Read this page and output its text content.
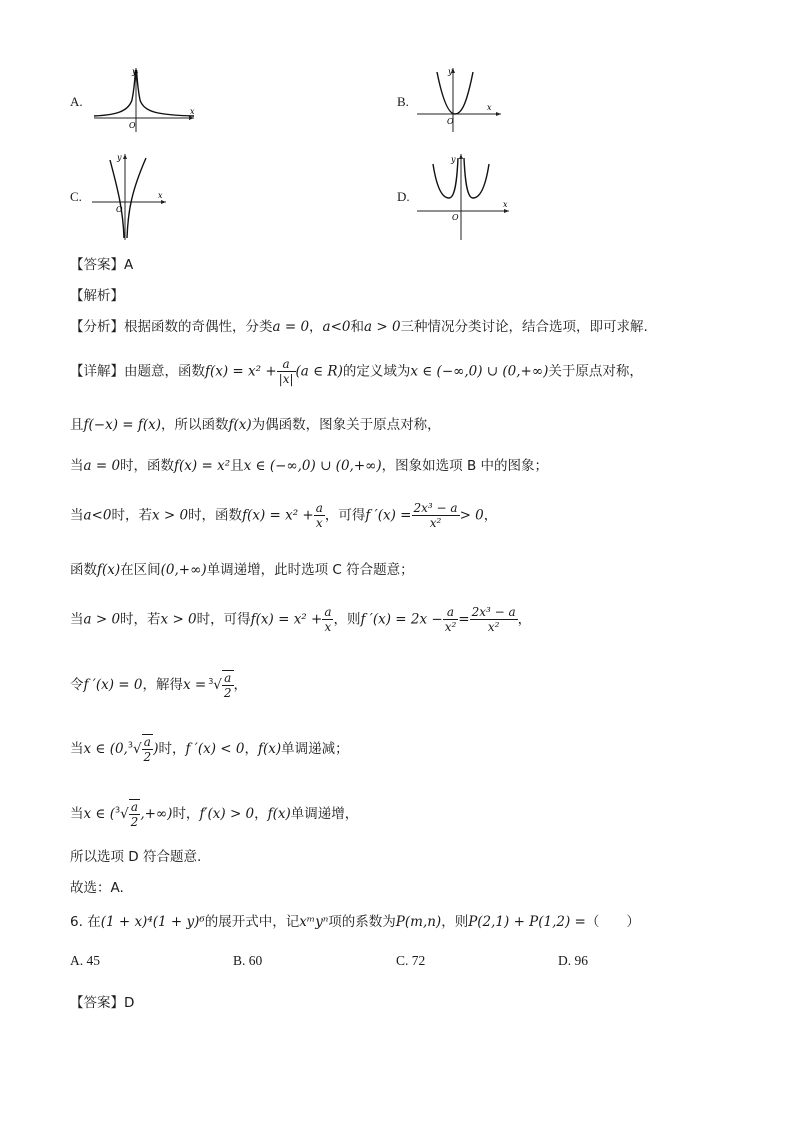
A.
y
x
O
B.
y
x
O
C.
y
x
O
D.
y
x
O
【答案】A
【解析】
【分析】根据函数的奇偶性，分类a = 0，a<0和a > 0三种情况分类讨论，结合选项，即可求解.
【详解】由题意，函数$f(x) = x^2 + \frac{a}{|x|} (a$ ∈ R)的定义域为x ∈ (−∞,0) ∪ (0,+∞)关于原点对称，
且f(−x) = f(x)，所以函数f(x)为偶函数，图象关于原点对称，
当a = 0时，函数f(x) = x²且x ∈ (−∞,0) ∪ (0,+∞)，图象如选项 B 中的图象；
当a<0时，若x > 0时，函数$f(x) = x^2 + \frac{a}{x}$ ，可得f $'(x) = \frac{\text{2x³ − a}}{\text{x²}} > 0$，
函数f(x)在区间(0,+∞)单调递增，此时选项 C 符合题意；
当a > 0时，若x > 0时，可得$f(x) = x^2 + \frac{a}{x}$ ，则f $'(x) = 2x - \frac{a}{\text{x²}} = \frac{\text{2x³ − a}}{\text{x²}}$ ，
令f ′(x) = 0，解得$x = ^3√ \frac{a}{2}$ ，
当x ∈ ($0,^3√ \frac{a}{2}$ )时，f ′(x) < 0，f(x)单调递减；
当x ∈ ($^3√ \frac{a}{2}$ ,+∞)时，f′(x) > 0，f(x)单调递增，
所以选项 D 符合题意.
故选：A.
6. 在(1 + x)⁴(1 + y)⁶的展开式中，记xᵐyⁿ项的系数为P(m,n)，则P(2,1) + P(1,2) =（　　）
A. 45	B. 60	C. 72	D. 96
【答案】D
